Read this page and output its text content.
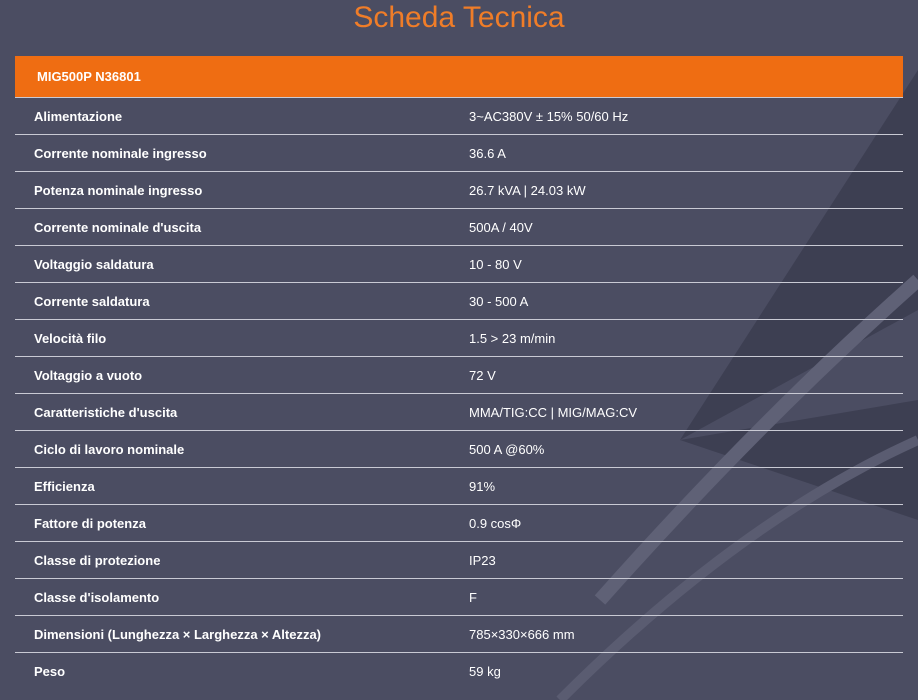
Scheda Tecnica
MIG500P N36801	
Alimentazione	3~AC380V ± 15% 50/60 Hz
Corrente nominale ingresso	36.6 A
Potenza nominale ingresso	26.7 kVA | 24.03 kW
Corrente nominale d'uscita	500A / 40V
Voltaggio saldatura	10 - 80 V
Corrente saldatura	30 - 500 A
Velocità filo	1.5 > 23 m/min
Voltaggio a vuoto	72 V
Caratteristiche d'uscita	MMA/TIG:CC | MIG/MAG:CV
Ciclo di lavoro nominale	500 A @60%
Efficienza	91%
Fattore di potenza	0.9 cosΦ
Classe di protezione	IP23
Classe d'isolamento	F
Dimensioni (Lunghezza × Larghezza × Altezza)	785×330×666 mm
Peso	59 kg
